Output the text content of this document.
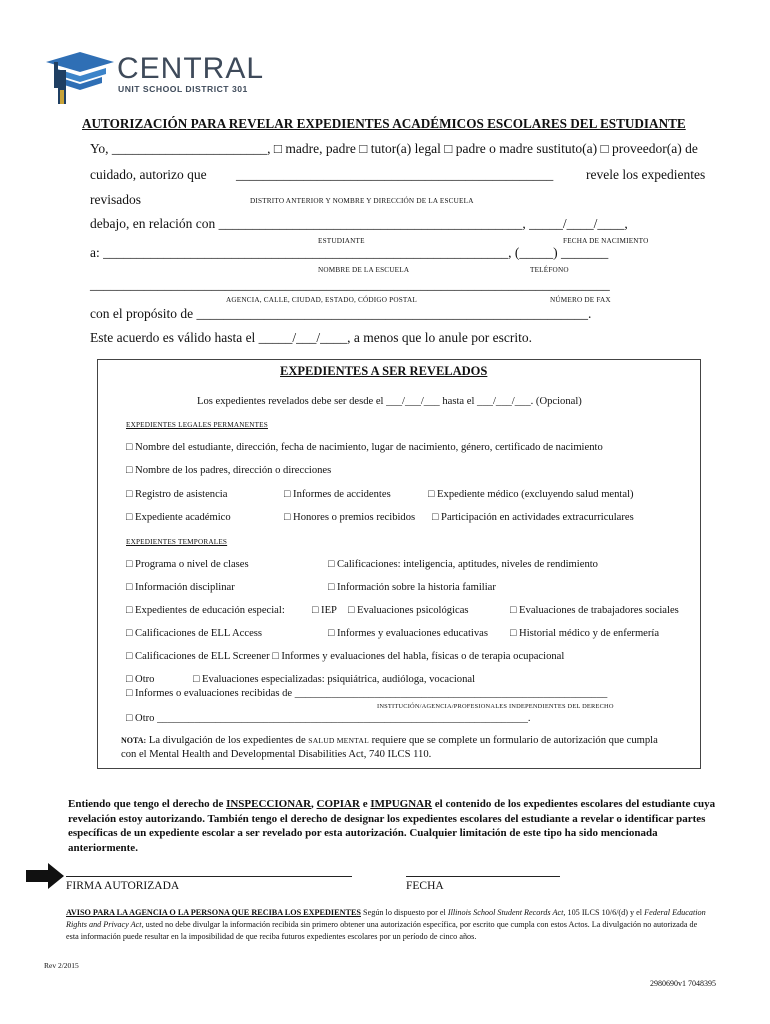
CENTRAL
UNIT SCHOOL DISTRICT 301
AUTORIZACIÓN PARA REVELAR EXPEDIENTES ACADÉMICOS ESCOLARES DEL ESTUDIANTE
Yo, _______________________, □ madre, padre □ tutor(a) legal □ padre o madre sustituto(a) □ proveedor(a) de
cuidado, autorizo que _______________________________________________ revele los expedientes
revisados	DISTRITO ANTERIOR Y NOMBRE Y DIRECCIÓN DE LA ESCUELA
debajo, en relación con _____________________________________________, _____/____/____,
ESTUDIANTE	FECHA DE NACIMIENTO
a: ____________________________________________________________, (_____) _______
NOMBRE DE LA ESCUELA	TELÉFONO
_____________________________________________________________________________
AGENCIA, CALLE, CIUDAD, ESTADO, CÓDIGO POSTAL	NÚMERO DE FAX
con el propósito de __________________________________________________________.
Este acuerdo es válido hasta el _____/___/____, a menos que lo anule por escrito.
EXPEDIENTES A SER REVELADOS
Los expedientes revelados debe ser desde el ___/___/___ hasta el ___/___/___. (Opcional)
EXPEDIENTES LEGALES PERMANENTES
□ Nombre del estudiante, dirección, fecha de nacimiento, lugar de nacimiento, género, certificado de nacimiento
□ Nombre de los padres, dirección o direcciones
□ Registro de asistencia	□ Informes de accidentes	□ Expediente médico (excluyendo salud mental)
□ Expediente académico	□ Honores o premios recibidos □ Participación en actividades extracurriculares
EXPEDIENTES TEMPORALES
□ Programa o nivel de clases	□ Calificaciones: inteligencia, aptitudes, niveles de rendimiento
□ Información disciplinar	□ Información sobre la historia familiar
□ Expedientes de educación especial:	□ IEP □ Evaluaciones psicológicas	□ Evaluaciones de trabajadores sociales
□ Calificaciones de ELL Access	□ Informes y evaluaciones educativas □ Historial médico y de enfermería
□ Calificaciones de ELL Screener □ Informes y evaluaciones del habla, físicas o de terapia ocupacional
□ Otro	□ Evaluaciones especializadas: psiquiátrica, audióloga, vocacional
□ Informes o evaluaciones recibidas de ___________________________________________________________
INSTITUCIÓN/AGENCIA/PROFESIONALES INDEPENDIENTES DEL DERECHO
□ Otro ______________________________________________________________________.
NOTA: La divulgación de los expedientes de SALUD MENTAL requiere que se complete un formulario de autorización que cumpla
con el Mental Health and Developmental Disabilities Act, 740 ILCS 110.
Entiendo que tengo el derecho de INSPECCIONAR, COPIAR e IMPUGNAR el contenido de los expedientes escolares del estudiante cuya revelación estoy autorizando. También tengo el derecho de designar los expedientes escolares del estudiante a revelar o identificar partes específicas de un expediente escolar a ser revelado por esta autorización. Cualquier limitación de este tipo ha sido mencionada anteriormente.
FIRMA AUTORIZADA	FECHA
AVISO PARA LA AGENCIA O LA PERSONA QUE RECIBA LOS EXPEDIENTES Según lo dispuesto por el Illinois School Student Records Act, 105 ILCS 10/6/(d) y el Federal Education Rights and Privacy Act, usted no debe divulgar la información recibida sin primero obtener una autorización específica, por escrito que cumpla con estos Actos. La divulgación no autorizada de esta información puede resultar en la imposibilidad de que reciba futuros expedientes escolares por un período de cinco años.
Rev 2/2015
2980690v1 7048395
